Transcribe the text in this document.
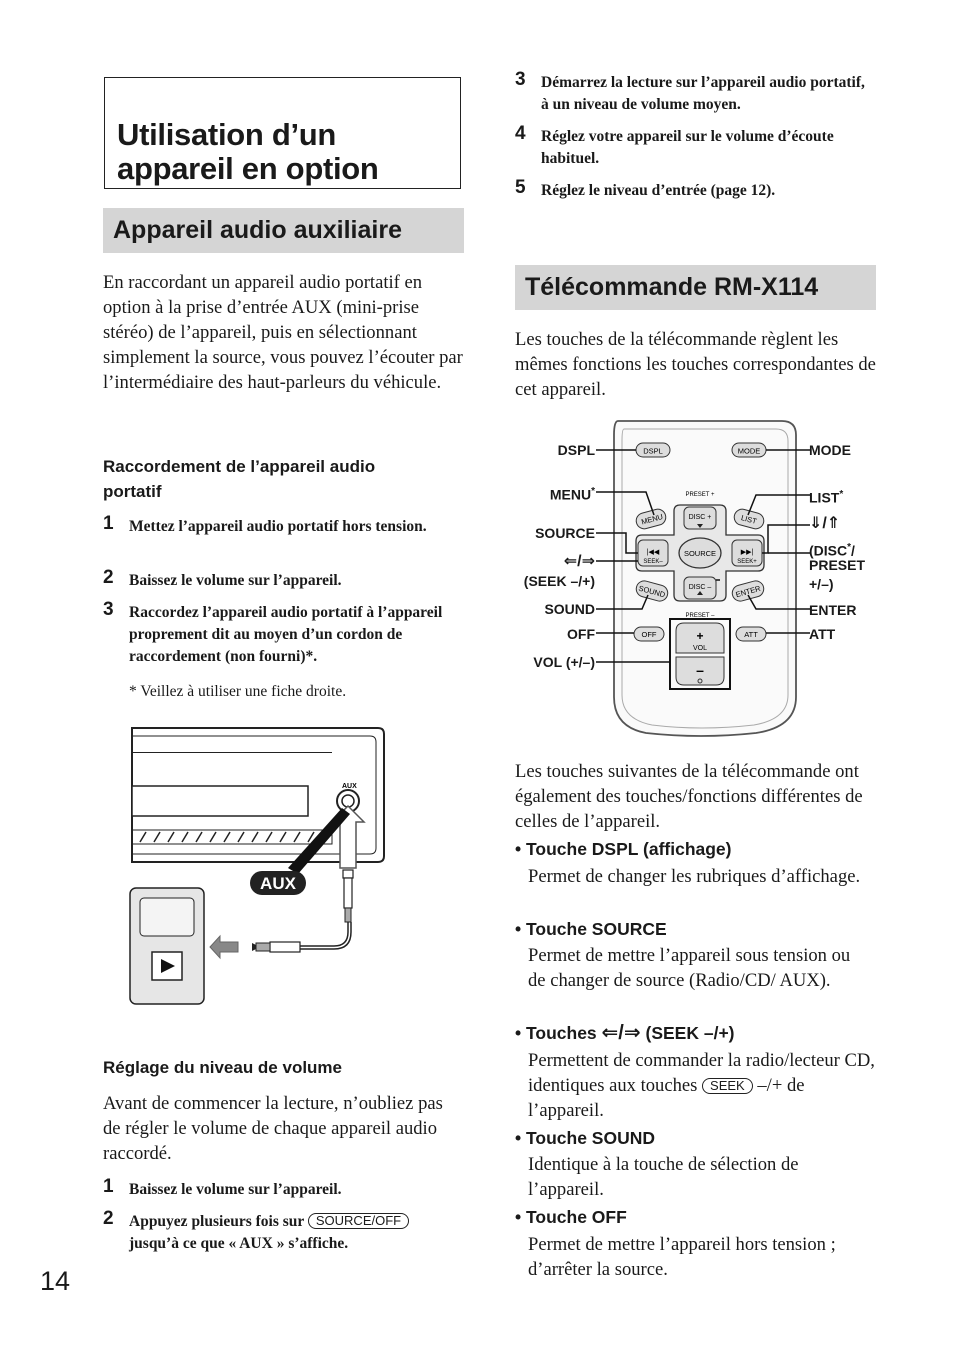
Utilisation d’un appareil en option
Appareil audio auxiliaire
En raccordant un appareil audio portatif en option à la prise d’entrée AUX (mini-prise stéréo) de l’appareil, puis en sélectionnant simplement la source, vous pouvez l’écouter par l’intermédiaire des haut-parleurs du véhicule.
Raccordement de l’appareil audio portatif
1 Mettez l’appareil audio portatif hors tension.
2 Baissez le volume sur l’appareil.
3 Raccordez l’appareil audio portatif à l’appareil proprement dit au moyen d’un cordon de raccordement (non fourni)*.
* Veillez à utiliser une fiche droite.
AUX
AUX
Réglage du niveau de volume
Avant de commencer la lecture, n’oubliez pas de régler le volume de chaque appareil audio raccordé.
1 Baissez le volume sur l’appareil.
2 Appuyez plusieurs fois sur SOURCE/OFF jusqu’à ce que « AUX » s’affiche.
14
3 Démarrez la lecture sur l’appareil audio portatif, à un niveau de volume moyen.
4 Réglez votre appareil sur le volume d’écoute habituel.
5 Réglez le niveau d’entrée (page 12).
Télécommande RM-X114
Les touches de la télécommande règlent les mêmes fonctions les touches correspondantes de cet appareil.
DSPL	MODE
MENU	LIST
PRESET +
PRESET –
DISC +
DISC –
|◀◀
SEEK–
▶▶|
SEEK+
SOURCE
SOUND	ENTER
OFF	ATT
+
VOL
–
DSPL
MENU*
SOURCE
⇐/⇒
(SEEK –/+)
SOUND
OFF
VOL (+/–)
MODE
LIST*
⇓/⇑
(DISC*/
PRESET
+/–)
ENTER
ATT
Les touches suivantes de la télécommande ont également des touches/fonctions différentes de celles de l’appareil.
• Touche DSPL (affichage)
Permet de changer les rubriques d’affichage.
• Touche SOURCE
Permet de mettre l’appareil sous tension ou de changer de source (Radio/CD/ AUX).
• Touches ⇐/⇒ (SEEK –/+)
Permettent de commander la radio/lecteur CD, identiques aux touches SEEK –/+ de l’appareil.
• Touche SOUND
Identique à la touche de sélection de l’appareil.
• Touche OFF
Permet de mettre l’appareil hors tension ; d’arrêter la source.
